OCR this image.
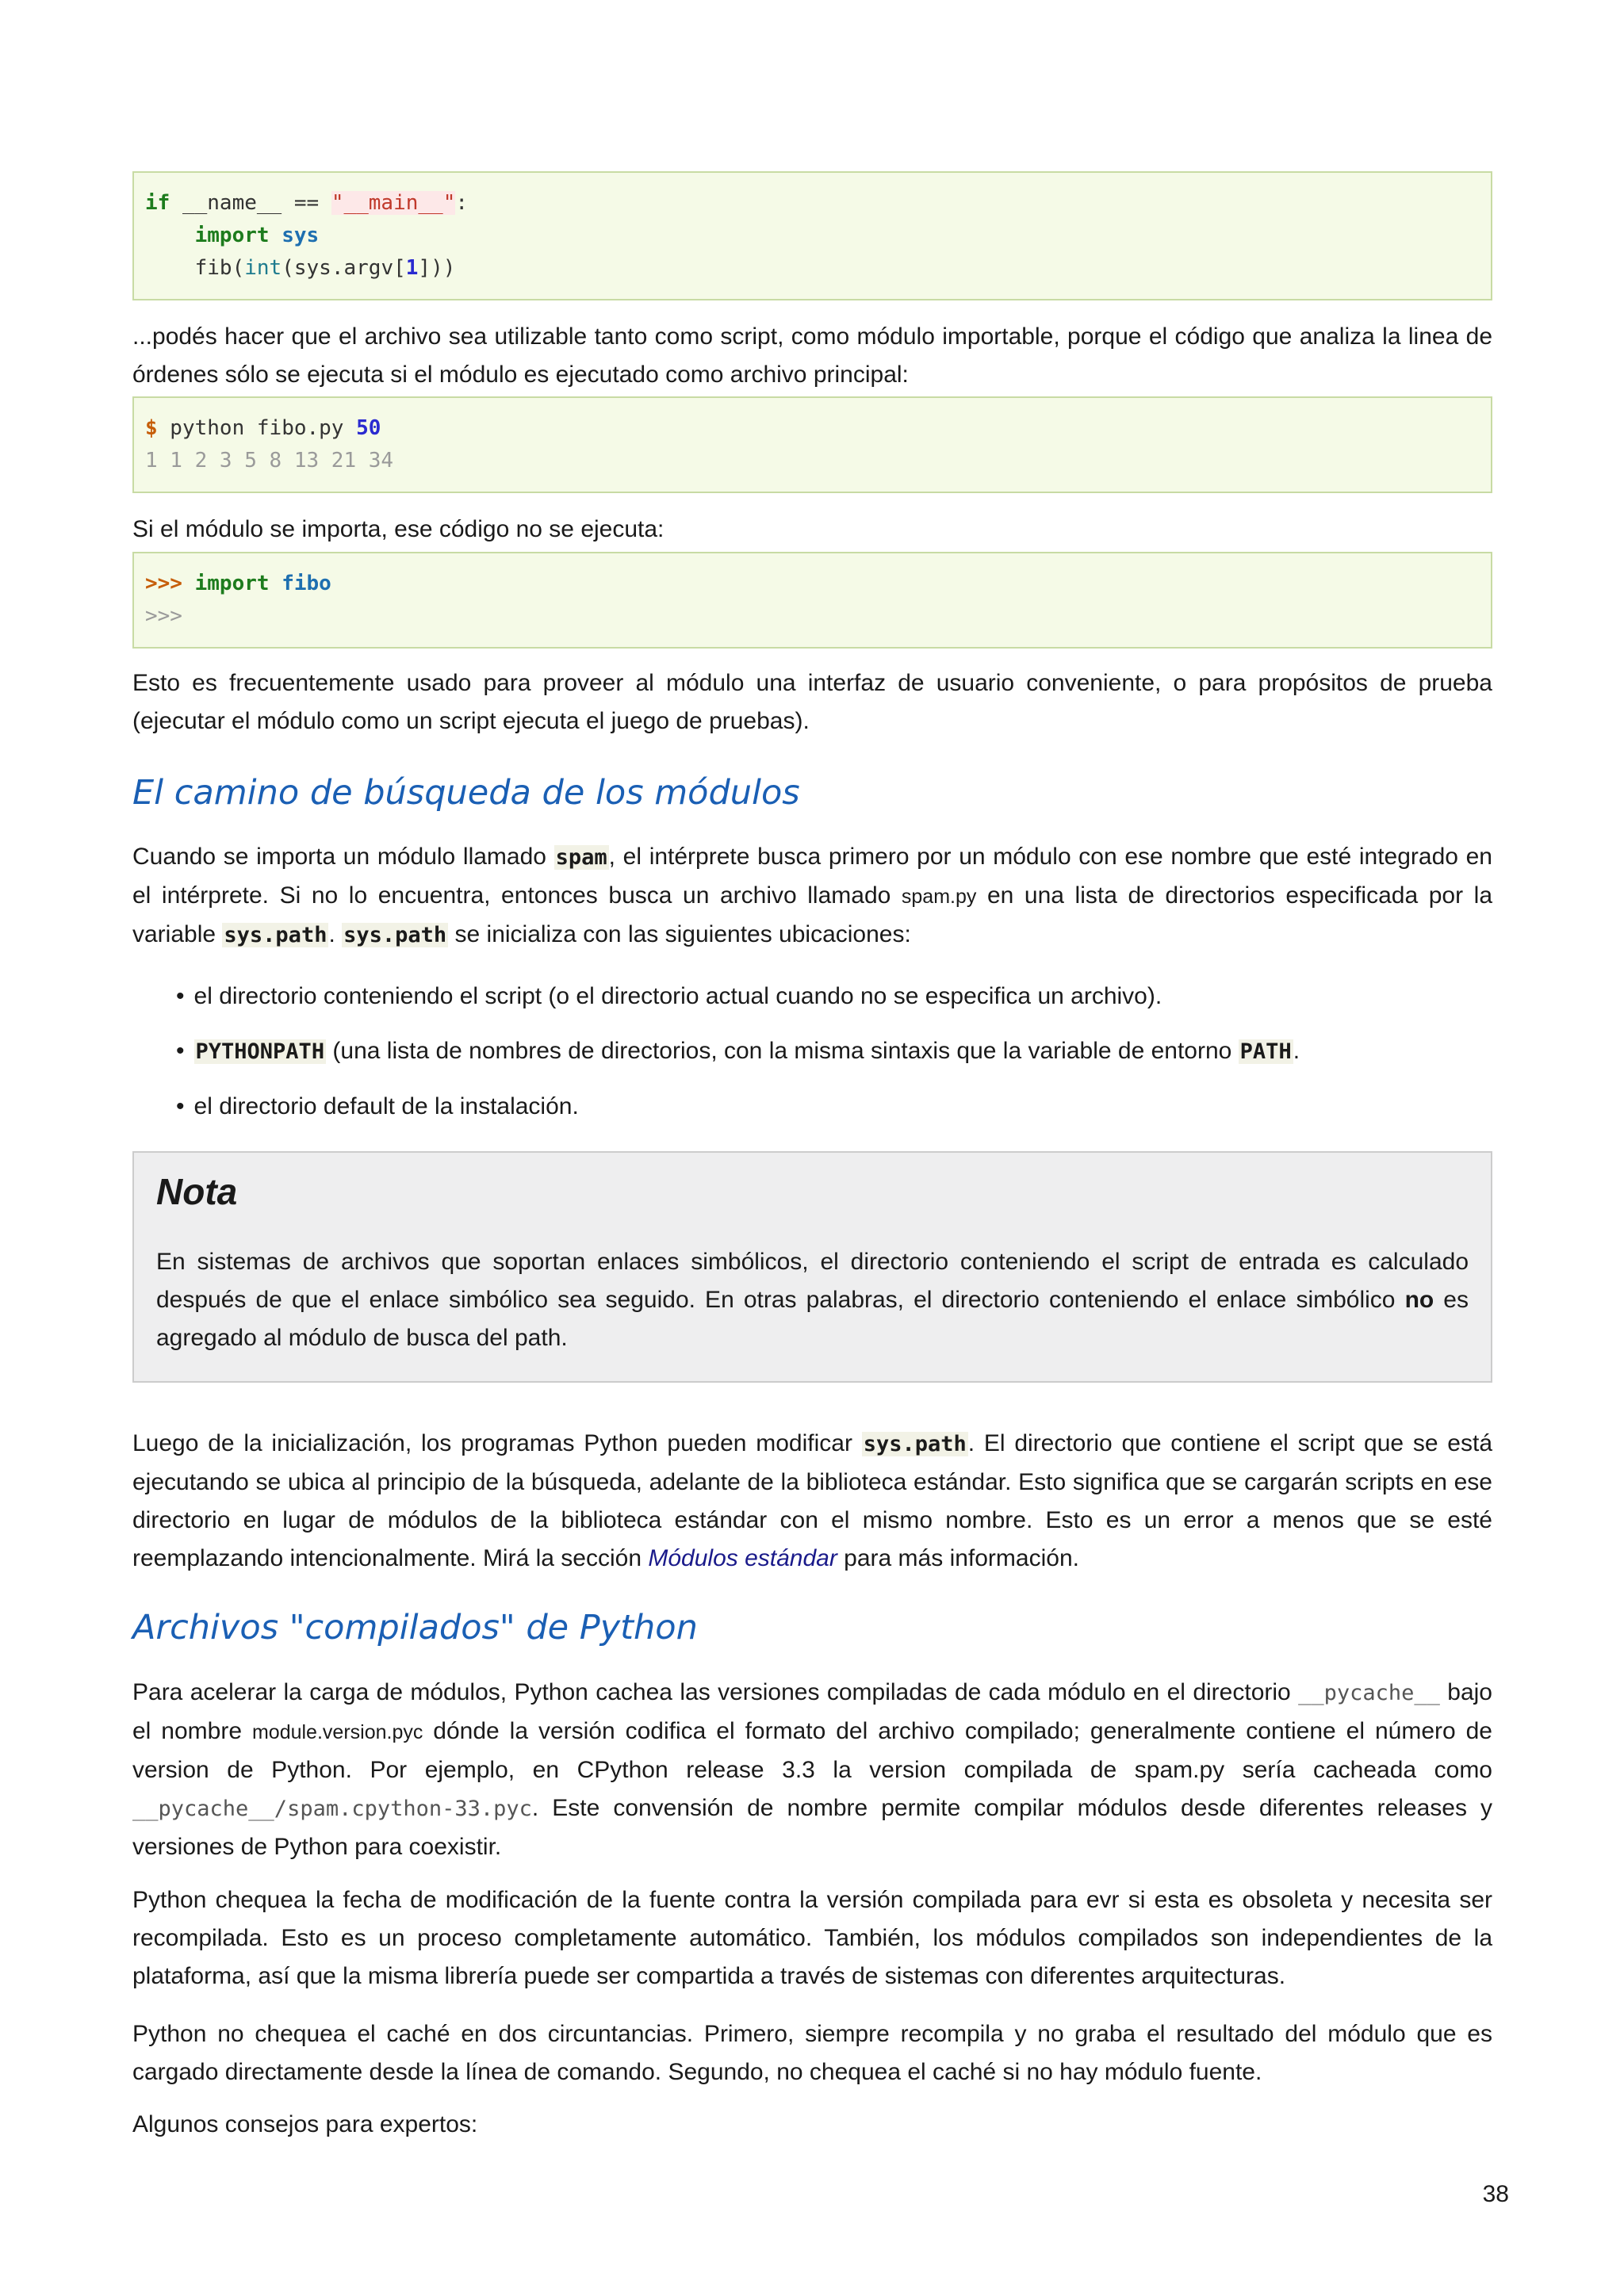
if __name__ == "__main__":
import sys
fib(int(sys.argv[1]))

...podés hacer que el archivo sea utilizable tanto como script, como módulo importable, porque el código que analiza la linea de órdenes sólo se ejecuta si el módulo es ejecutado como archivo principal:

$ python fibo.py 50
1 1 2 3 5 8 13 21 34

Si el módulo se importa, ese código no se ejecuta:

>>> import fibo
>>>

Esto es frecuentemente usado para proveer al módulo una interfaz de usuario conveniente, o para propósitos de prueba (ejecutar el módulo como un script ejecuta el juego de pruebas).

El camino de búsqueda de los módulos

Cuando se importa un módulo llamado spam, el intérprete busca primero por un módulo con ese nombre que esté integrado en el intérprete. Si no lo encuentra, entonces busca un archivo llamado spam.py en una lista de directorios especificada por la variable sys.path. sys.path se inicializa con las siguientes ubicaciones:

• el directorio conteniendo el script (o el directorio actual cuando no se especifica un archivo).
• PYTHONPATH (una lista de nombres de directorios, con la misma sintaxis que la variable de entorno PATH.
• el directorio default de la instalación.

Nota

En sistemas de archivos que soportan enlaces simbólicos, el directorio conteniendo el script de entrada es calculado después de que el enlace simbólico sea seguido. En otras palabras, el directorio conteniendo el enlace simbólico no es agregado al módulo de busca del path.

Luego de la inicialización, los programas Python pueden modificar sys.path. El directorio que contiene el script que se está ejecutando se ubica al principio de la búsqueda, adelante de la biblioteca estándar. Esto significa que se cargarán scripts en ese directorio en lugar de módulos de la biblioteca estándar con el mismo nombre. Esto es un error a menos que se esté reemplazando intencionalmente. Mirá la sección Módulos estándar para más información.

Archivos "compilados" de Python

Para acelerar la carga de módulos, Python cachea las versiones compiladas de cada módulo en el directorio __pycache__ bajo el nombre module.version.pyc dónde la versión codifica el formato del archivo compilado; generalmente contiene el número de version de Python. Por ejemplo, en CPython release 3.3 la version compilada de spam.py sería cacheada como __pycache__/spam.cpython-33.pyc. Este convensión de nombre permite compilar módulos desde diferentes releases y versiones de Python para coexistir.

Python chequea la fecha de modificación de la fuente contra la versión compilada para evr si esta es obsoleta y necesita ser recompilada. Esto es un proceso completamente automático. También, los módulos compilados son independientes de la plataforma, así que la misma librería puede ser compartida a través de sistemas con diferentes arquitecturas.

Python no chequea el caché en dos circuntancias. Primero, siempre recompila y no graba el resultado del módulo que es cargado directamente desde la línea de comando. Segundo, no chequea el caché si no hay módulo fuente.

Algunos consejos para expertos:

38
